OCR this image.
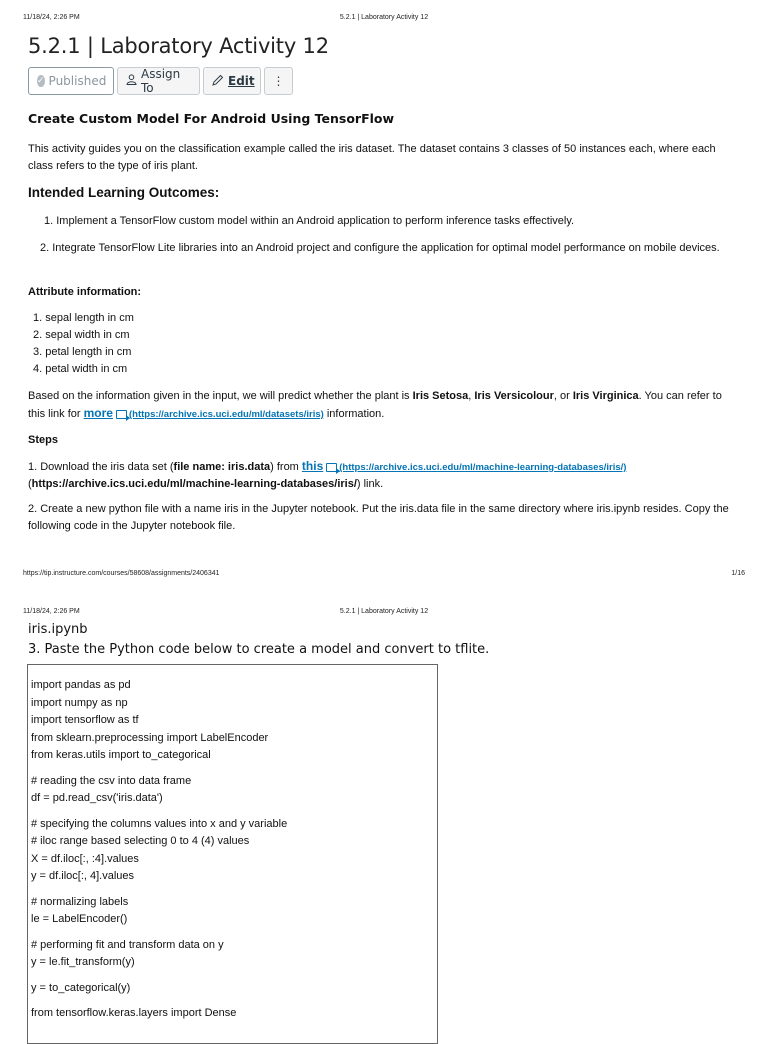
11/18/24, 2:26 PM	5.2.1 | Laboratory Activity 12
5.2.1 | Laboratory Activity 12
✓ Published	Assign To	Edit ⋮
Create Custom Model For Android Using TensorFlow
This activity guides you on the classification example called the iris dataset. The dataset contains 3 classes of 50 instances each, where each class refers to the type of iris plant.
Intended Learning Outcomes:
1. Implement a TensorFlow custom model within an Android application to perform inference tasks effectively.
2. Integrate TensorFlow Lite libraries into an Android project and configure the application for optimal model performance on mobile devices.
Attribute information:
1. sepal length in cm
2. sepal width in cm
3. petal length in cm
4. petal width in cm
Based on the information given in the input, we will predict whether the plant is Iris Setosa, Iris Versicolour, or Iris Virginica. You can refer to this link for more (https://archive.ics.uci.edu/ml/datasets/iris) information.
Steps
1. Download the iris data set (file name: iris.data) from this (https://archive.ics.uci.edu/ml/machine-learning-databases/iris/)
(https://archive.ics.uci.edu/ml/machine-learning-databases/iris/) link.
2. Create a new python file with a name iris in the Jupyter notebook. Put the iris.data file in the same directory where iris.ipynb resides. Copy the following code in the Jupyter notebook file.
https://tip.instructure.com/courses/58608/assignments/2406341	1/16
11/18/24, 2:26 PM	5.2.1 | Laboratory Activity 12
iris.ipynb
3. Paste the Python code below to create a model and convert to tflite.
import pandas as pd
import numpy as np
import tensorflow as tf
from sklearn.preprocessing import LabelEncoder
from keras.utils import to_categorical
# reading the csv into data frame
df = pd.read_csv('iris.data')
# specifying the columns values into x and y variable
# iloc range based selecting 0 to 4 (4) values
X = df.iloc[:, :4].values
y = df.iloc[:, 4].values
# normalizing labels
le = LabelEncoder()
# performing fit and transform data on y
y = le.fit_transform(y)
y = to_categorical(y)
from tensorflow.keras.layers import Dense
